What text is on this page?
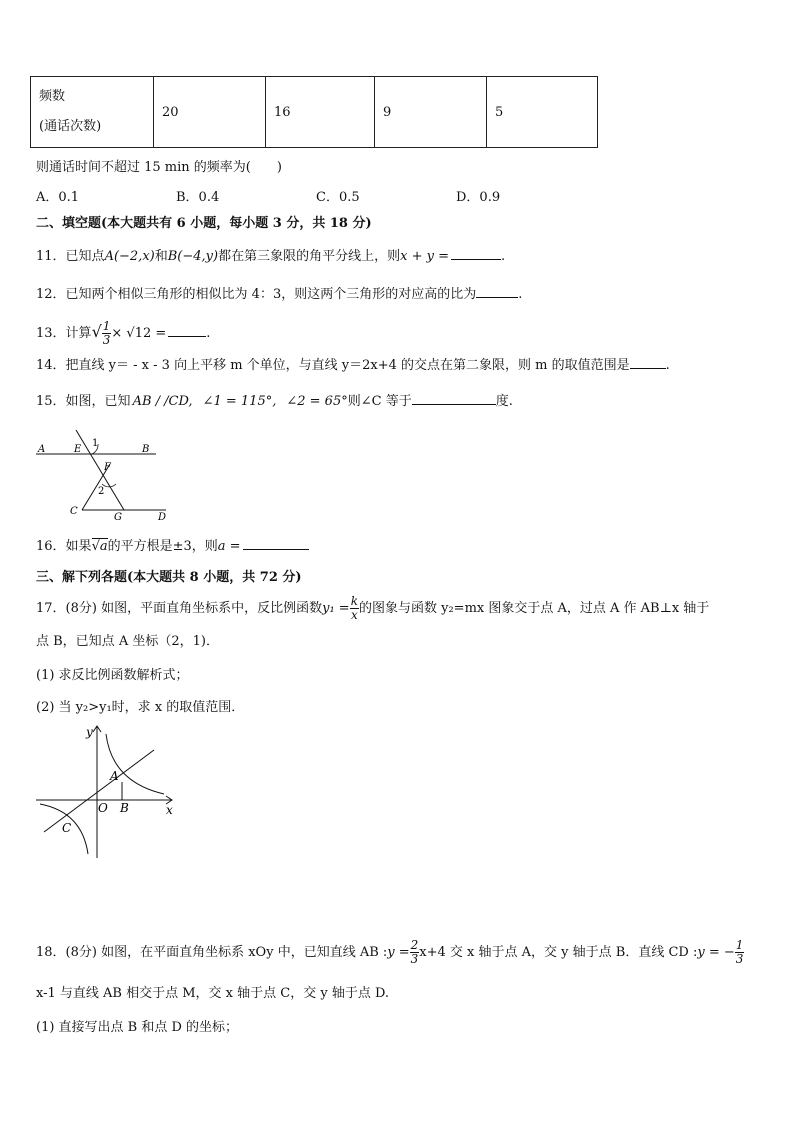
频数
(通话次数)
	20	16	9	5
则通话时间不超过 15 min 的频率为(　　)
A．0.1	B．0.4	C．0.5	D．0.9
二、填空题(本大题共有 6 小题，每小题 3 分，共 18 分)
11．已知点A(−2,x)和B(−4,y)都在第三象限的角平分线上，则x + y =	.
12．已知两个相似三角形的相似比为 4：3，则这两个三角形的对应高的比为	.
13．计算√ $\frac{1}{3} \times √12$ =	.
14．把直线 y＝ - x - 3 向上平移 m 个单位，与直线 y＝2x+4 的交点在第二象限，则 m 的取值范围是	.
15．如图，已知 AB / /CD, ∠1 = 115°, ∠2 = 65°则∠C 等于	度.
A	E	B
1
F
2
C
G	D
16．如果√a的平方根是±3，则a =
三、解下列各题(本大题共 8 小题，共 72 分)
17．(8分) 如图，平面直角坐标系中，反比例函数$y_1 = \frac{k}{x}$ 的图象与函数 y₂=mx 图象交于点 A，过点 A 作 AB⊥x 轴于
点 B，已知点 A 坐标（2，1)．
(1) 求反比例函数解析式；
(2) 当 y₂>y₁时，求 x 的取值范围．
y
x
A
O B
C
18．(8分) 如图，在平面直角坐标系 xOy 中，已知直线 AB :y = $\frac{2}{3} x+4$ 交 x 轴于点 A，交 y 轴于点 B．直线 CD :y = − $\frac{1}{3}$
x-1 与直线 AB 相交于点 M，交 x 轴于点 C，交 y 轴于点 D.
(1) 直接写出点 B 和点 D 的坐标；
